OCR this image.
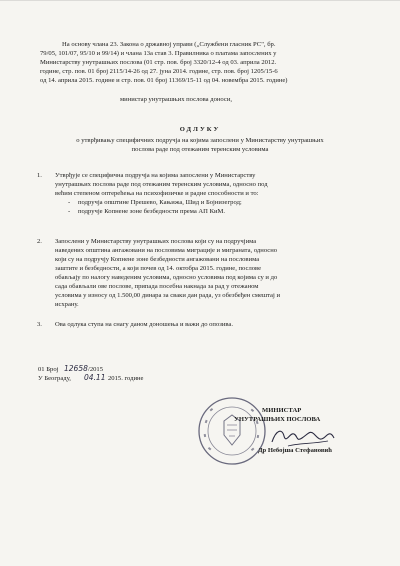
На основу члана 23. Закона о државној управи („Службени гласник РС", бр.
79/05, 101/07, 95/10 и 99/14) и члана 13а став 3. Правилника о платама запослених у
Министарству унутрашњих послова (01 стр. пов. број 3320/12-4 од 03. априла 2012.
године, стр. пов. 01 број 2115/14-26 од 27. јуна 2014. године, стр. пов. број 1205/15-6
од 14. априла 2015. године и стр. пов. 01 број 11369/15-11 од 04. новембра 2015. године)
министар унутрашњих послова доноси,
ОДЛУКУ
о утврђивању специфичних подручја на којима запослени у Министарству унутрашњих
послова раде под отежаним теренским условима
1. Утврђује се специфична подручја на којима запослени у Министарству
унутрашњих послова раде под отежаним теренским условима, односно под
већим степеном оптерећења на психофизичке и радне способности и то:
- подручја општине Прешево, Кањижа, Шид и Бојнизегрод;
- подручје Копнене зоне безбедности према АП КиМ.
2. Запослени у Министарству унутрашњих послова који су на подручјима
наведених општина ангажовани на пословима миграције и миграната, односно
који су на подручју Копнене зоне безбедности ангажовани на пословима
заштите и безбедности, а који почев од 14. октобра 2015. године, послове
обављају по налогу наведеним условима, односно условима под којима су и до
сада обављали ове послове, припада посебна накнада за рад у отежаном
условима у износу од 1.500,00 динара за сваки дан рада, уз обезбеђен смештај и
исхрану.
3. Ова одлука ступа на снагу даном доношења и важи до опозива.
01 Број 12658 /2015
У Београду, 04.11 2015. године
МИНИСТАР
УНУТРАШЊИХ ПОСЛОВА
Др Небојша Стефановић
